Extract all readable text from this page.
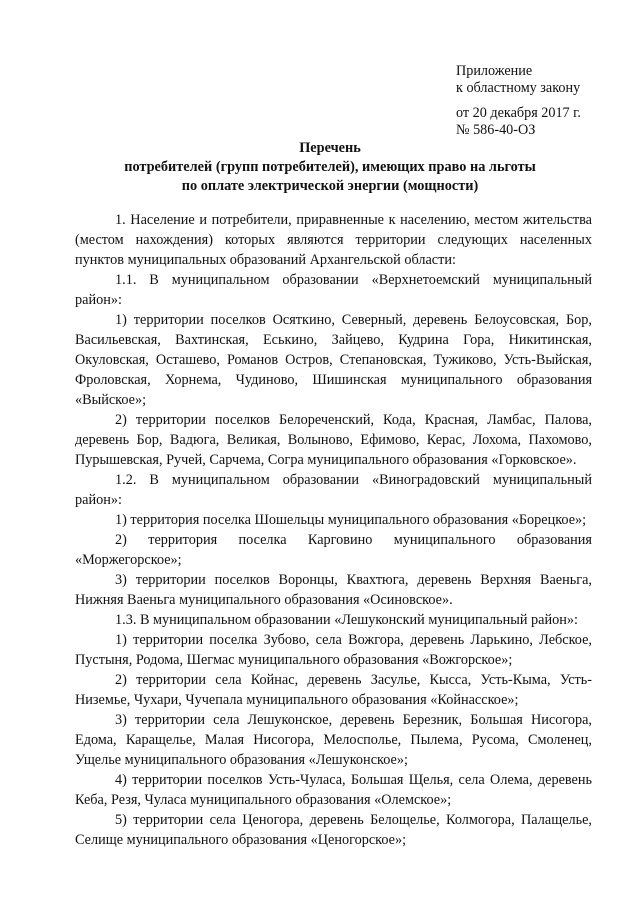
Приложение
к областному закону
от 20 декабря 2017 г.
№ 586-40-ОЗ
Перечень
потребителей (групп потребителей), имеющих право на льготы
по оплате электрической энергии (мощности)

1. Население и потребители, приравненные к населению, местом жительства (местом нахождения) которых являются территории следующих населенных пунктов муниципальных образований Архангельской области:

1.1. В муниципальном образовании «Верхнетоемский муниципальный район»:

1) территории поселков Осяткино, Северный, деревень Белоусовская, Бор, Васильевская, Вахтинская, Еськино, Зайцево, Кудрина Гора, Никитинская, Окуловская, Осташево, Романов Остров, Степановская, Тужиково, Усть-Выйская, Фроловская, Хорнема, Чудиново, Шишинская муниципального образования «Выйское»;

2) территории поселков Белореченский, Кода, Красная, Ламбас, Палова, деревень Бор, Вадюга, Великая, Волыново, Ефимово, Керас, Лохома, Пахомово, Пурышевская, Ручей, Сарчема, Согра муниципального образования «Горковское».

1.2. В муниципальном образовании «Виноградовский муниципальный район»:

1) территория поселка Шошельцы муниципального образования «Борецкое»;

2) территория поселка Карговино муниципального образования «Моржегорское»;

3) территории поселков Воронцы, Квахтюга, деревень Верхняя Ваеньга, Нижняя Ваеньга муниципального образования «Осиновское».

1.3. В муниципальном образовании «Лешуконский муниципальный район»:

1) территории поселка Зубово, села Вожгора, деревень Ларькино, Лебское, Пустыня, Родома, Шегмас муниципального образования «Вожгорское»;

2) территории села Койнас, деревень Засулье, Кысса, Усть-Кыма, Усть-Низемье, Чухари, Чучепала муниципального образования «Койнасское»;

3) территории села Лешуконское, деревень Березник, Большая Нисогора, Едома, Каращелье, Малая Нисогора, Мелосполье, Пылема, Русома, Смоленец, Ущелье муниципального образования «Лешуконское»;

4) территории поселков Усть-Чуласа, Большая Щелья, села Олема, деревень Кеба, Резя, Чуласа муниципального образования «Олемское»;

5) территории села Ценогора, деревень Белощелье, Колмогора, Палащелье, Селище муниципального образования «Ценогорское»;
